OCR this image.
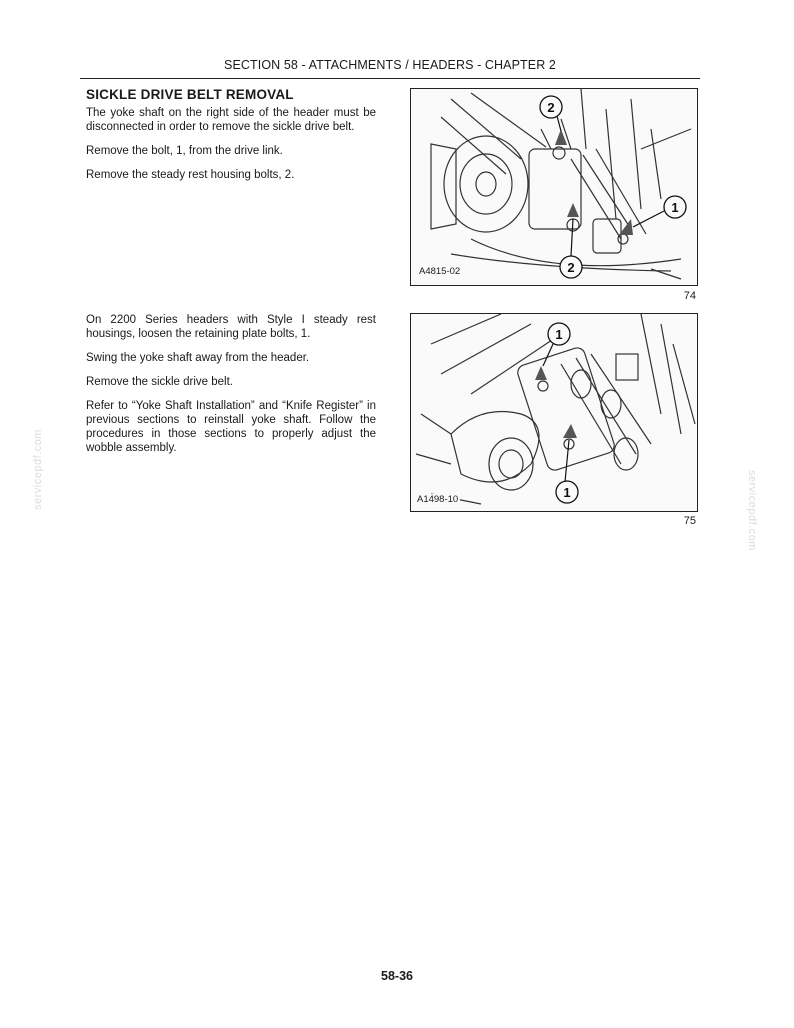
SECTION 58 - ATTACHMENTS / HEADERS - CHAPTER 2
SICKLE DRIVE BELT REMOVAL

The yoke shaft on the right side of the header must be disconnected in order to remove the sickle drive belt.

Remove the bolt, 1, from the drive link.

Remove the steady rest housing bolts, 2.

2
1
2
A4815-02
74

On 2200 Series headers with Style I steady rest housings, loosen the retaining plate bolts, 1.

Swing the yoke shaft away from the header.

Remove the sickle drive belt.

Refer to “Yoke Shaft Installation” and “Knife Register” in previous sections to reinstall yoke shaft. Follow the procedures in those sections to properly adjust the wobble assembly.

1
1
A1498-10
75
servicepdf.com
servicepdf.com
58-36
